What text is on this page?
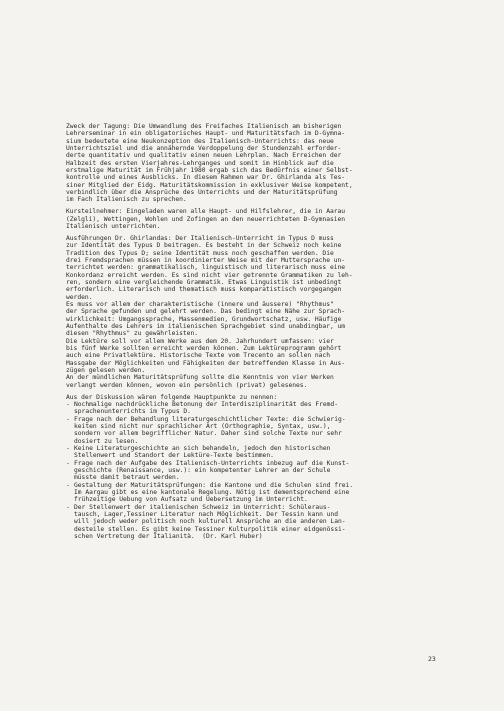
Zweck der Tagung: Die Umwandlung des Freifaches Italienisch am bisherigen
Lehrerseminar in ein obligatorisches Haupt- und Maturitätsfach im D-Gymna-
sium bedeutete eine Neukonzeption des Italienisch-Unterrichts: das neue
Unterrichtsziel und die annähernde Verdoppelung der Stundenzahl erforder-
derte quantitativ und qualitativ einen neuen Lehrplan. Nach Erreichen der
Halbzeit des ersten Vierjahres-Lehrganges und somit im Hinblick auf die
erstmalige Maturität im Frühjahr 1980 ergab sich das Bedürfnis einer Selbst-
kontrolle und eines Ausblicks. In diesem Rahmen war Dr. Ghirlanda als Tes-
siner Mitglied der Eidg. Maturitätskommission in exklusiver Weise kompetent,
verbindlich über die Ansprüche des Unterrichts und der Maturitätsprüfung
im Fach Italienisch zu sprechen.
Kursteilnehmer: Eingeladen waren alle Haupt- und Hilfslehrer, die in Aarau
(Zelgli), Wettingen, Wohlen und Zofingen an den neuerrichteten D-Gymnasien
Italienisch unterrichten.
Ausführungen Dr. Ghirlandas: Der Italienisch-Unterricht im Typus D muss
zur Identität des Typus D beitragen. Es besteht in der Schweiz noch keine
Tradition des Typus D; seine Identität muss noch geschaffen werden. Die
drei Fremdsprachen müssen in koordinierter Weise mit der Muttersprache un-
terrichtet werden: grammatikalisch, linguistisch und literarisch muss eine
Konkordanz erreicht werden. Es sind nicht vier getrennte Grammatiken zu leh-
ren, sondern eine vergleichende Grammatik. Etwas Linguistik ist unbedingt
erforderlich. Literarisch und thematisch muss komparatistisch vorgegangen
werden.
Es muss vor allem der charakteristische (innere und äussere) "Rhythmus"
der Sprache gefunden und gelehrt werden. Das bedingt eine Nähe zur Sprach-
wirklichkeit: Umgangssprache, Massenmedien, Grundwortschatz, usw. Häufige
Aufenthalte des Lehrers im italienischen Sprachgebiet sind unabdingbar, um
diesen "Rhythmus" zu gewährleisten.
Die Lektüre soll vor allem Werke aus dem 20. Jahrhundert umfassen: vier
bis fünf Werke sollten erreicht werden können. Zum Lektüreprogramm gehört
auch eine Privatlektüre. Historische Texte vom Trecento an sollen nach
Massgabe der Möglichkeiten und Fähigkeiten der betreffenden Klasse in Aus-
zügen gelesen werden.
An der mündlichen Maturitätsprüfung sollte die Kenntnis von vier Werken
verlangt werden können, wovon ein persönlich (privat) gelesenes.
Aus der Diskussion wären folgende Hauptpunkte zu nennen:
- Nochmalige nachdrückliche Betonung der Interdisziplinarität des Fremd-
sprachenunterrichts im Typus D.
- Frage nach der Behandlung literaturgeschichtlicher Texte: die Schwierig-
keiten sind nicht nur sprachlicher Art (Orthographie, Syntax, usw.),
sondern vor allem begrifflicher Natur. Daher sind solche Texte nur sehr
dosiert zu lesen.
- Keine Literaturgeschichte an sich behandeln, jedoch den historischen
Stellenwert und Standort der Lektüre-Texte bestimmen.
- Frage nach der Aufgabe des Italienisch-Unterrichts inbezug auf die Kunst-
geschichte (Renaissance, usw.): ein kompetenter Lehrer an der Schule
müsste damit betraut werden.
- Gestaltung der Maturitätsprüfungen: die Kantone und die Schulen sind frei.
Im Aargau gibt es eine kantonale Regelung. Nötig ist dementsprechend eine
frühzeitige Uebung von Aufsatz und Uebersetzung im Unterricht.
- Der Stellenwert der italienischen Schweiz im Unterricht: Schüleraus-
tausch, Lager,Tessiner Literatur nach Möglichkeit. Der Tessin kann und
will jedoch weder politisch noch kulturell Ansprüche an die anderen Lan-
desteile stellen. Es gibt keine Tessiner Kulturpolitik einer eidgenössi-
schen Vertretung der Italianità.  (Dr. Karl Huber)
23
